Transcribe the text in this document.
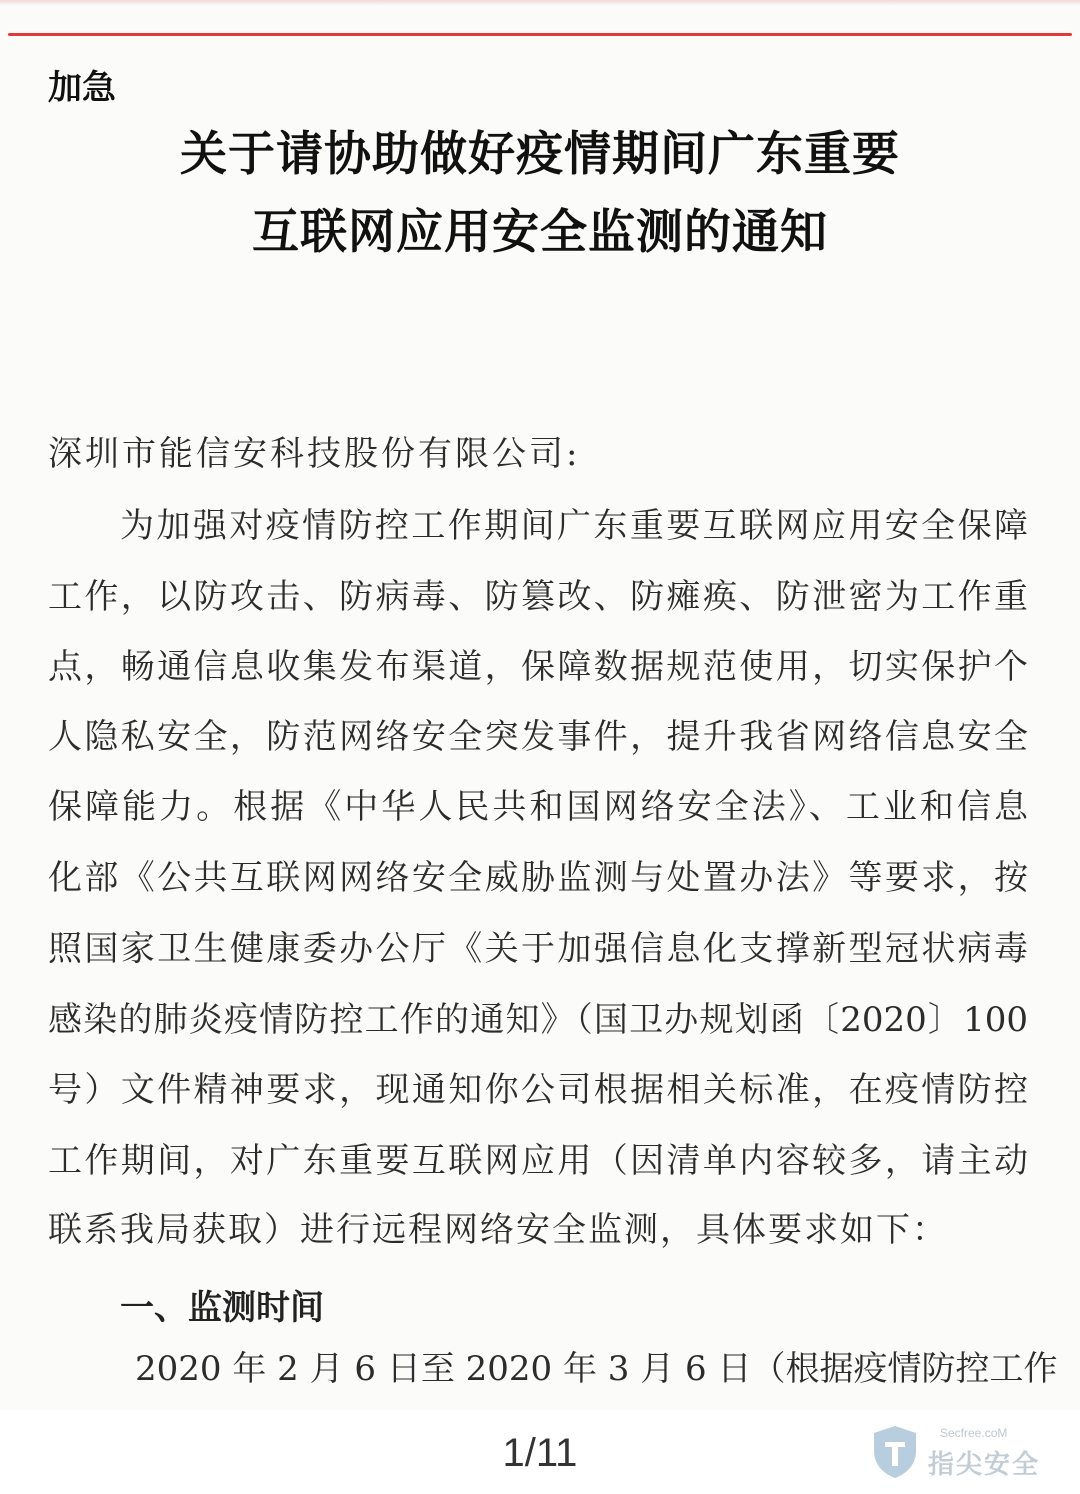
加急
关于请协助做好疫情期间广东重要
互联网应用安全监测的通知
深圳市能信安科技股份有限公司:
为加强对疫情防控工作期间广东重要互联网应用安全保障
工作，以防攻击、防病毒、防篡改、防瘫痪、防泄密为工作重
点，畅通信息收集发布渠道，保障数据规范使用，切实保护个
人隐私安全，防范网络安全突发事件，提升我省网络信息安全
保障能力。根据《中华人民共和国网络安全法》、工业和信息
化部《公共互联网网络安全威胁监测与处置办法》等要求，按
照国家卫生健康委办公厅《关于加强信息化支撑新型冠状病毒
感染的肺炎疫情防控工作的通知》（国卫办规划函〔2020〕100
号）文件精神要求，现通知你公司根据相关标准，在疫情防控
工作期间，对广东重要互联网应用（因清单内容较多，请主动
联系我局获取）进行远程网络安全监测，具体要求如下：
一、监测时间
2020 年 2 月 6 日至 2020 年 3 月 6 日（根据疫情防控工作
1/11	Secfree.coM
指尖安全
